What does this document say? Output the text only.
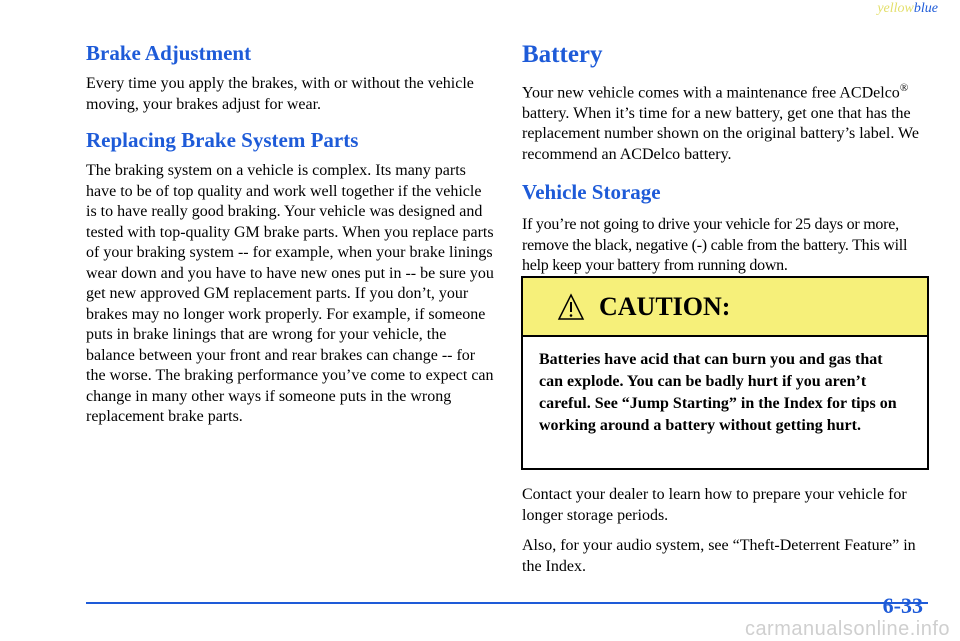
yellowblue
Brake Adjustment

Every time you apply the brakes, with or without the vehicle moving, your brakes adjust for wear.

Replacing Brake System Parts

The braking system on a vehicle is complex. Its many parts have to be of top quality and work well together if the vehicle is to have really good braking. Your vehicle was designed and tested with top-quality GM brake parts. When you replace parts of your braking system -- for example, when your brake linings wear down and you have to have new ones put in -- be sure you get new approved GM replacement parts. If you don’t, your brakes may no longer work properly. For example, if someone puts in brake linings that are wrong for your vehicle, the balance between your front and rear brakes can change -- for the worse. The braking performance you’ve come to expect can change in many other ways if someone puts in the wrong replacement brake parts.

Battery

Your new vehicle comes with a maintenance free ACDelco® battery. When it’s time for a new battery, get one that has the replacement number shown on the original battery’s label. We recommend an ACDelco battery.

Vehicle Storage

If you’re not going to drive your vehicle for 25 days or more, remove the black, negative (-) cable from the battery. This will help keep your battery from running down.

CAUTION:
Batteries have acid that can burn you and gas that can explode. You can be badly hurt if you aren’t careful. See “Jump Starting” in the Index for tips on working around a battery without getting hurt.

Contact your dealer to learn how to prepare your vehicle for longer storage periods.

Also, for your audio system, see “Theft-Deterrent Feature” in the Index.

6-33
carmanualsonline.info
